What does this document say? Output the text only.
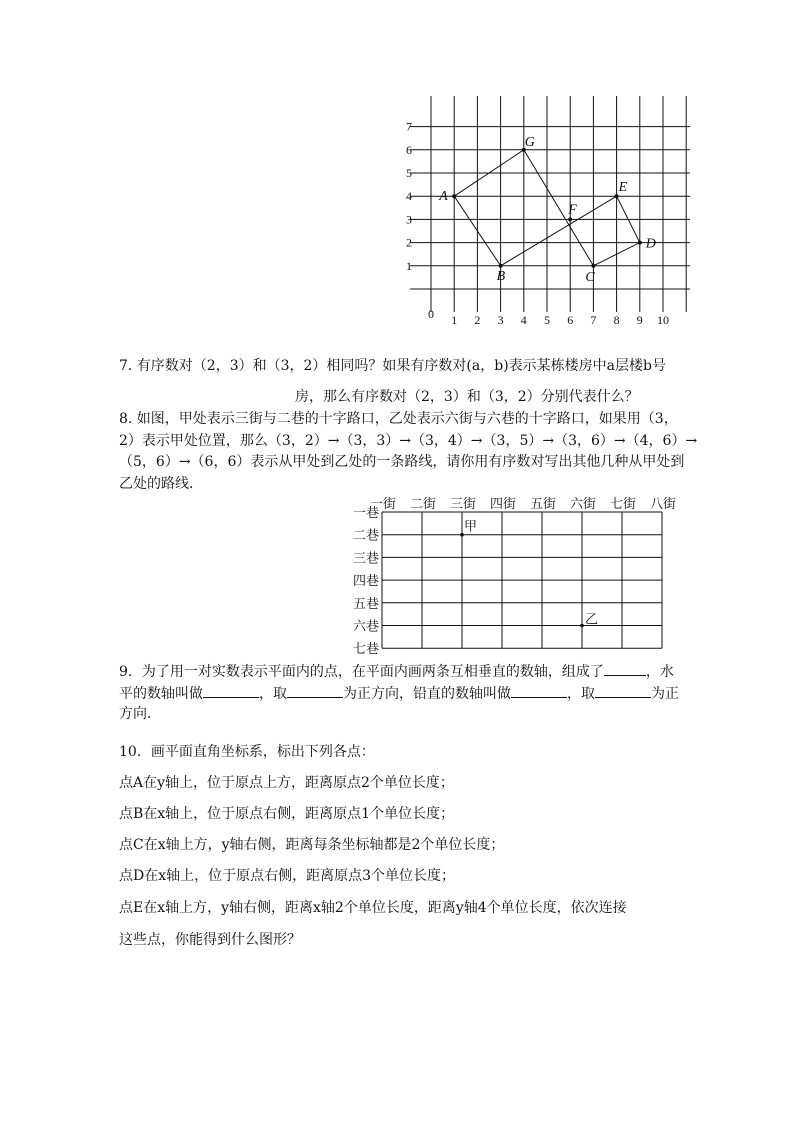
1
2
3
4
5
6
7
1 2 3 4 5 6 7 8 9 10
0
A
G
F
E
D
C
B
7. 有序数对（2，3）和（3，2）相同吗？如果有序数对(a，b)表示某栋楼房中a层楼b号
房，那么有序数对（2，3）和（3，2）分别代表什么？
8. 如图，甲处表示三街与二巷的十字路口，乙处表示六街与六巷的十字路口，如果用（3，
2）表示甲处位置，那么（3，2）→（3，3）→（3，4）→（3，5）→（3，6）→（4，6）→
（5，6）→（6，6）表示从甲处到乙处的一条路线，请你用有序数对写出其他几种从甲处到
乙处的路线．
一街 二街 三街 四街 五街 六街 七街 八街
一巷
二巷
三巷
四巷
五巷
六巷
七巷
甲
乙
9．为了用一对实数表示平面内的点，在平面内画两条互相垂直的数轴，组成了	，水
平的数轴叫做	，取	为正方向，铅直的数轴叫做	，取	为正
方向．
10．画平面直角坐标系，标出下列各点：
点A在y轴上，位于原点上方，距离原点2个单位长度；
点B在x轴上，位于原点右侧，距离原点1个单位长度；
点C在x轴上方，y轴右侧，距离每条坐标轴都是2个单位长度；
点D在x轴上，位于原点右侧，距离原点3个单位长度；
点E在x轴上方，y轴右侧，距离x轴2个单位长度，距离y轴4个单位长度，依次连接
这些点，你能得到什么图形？
